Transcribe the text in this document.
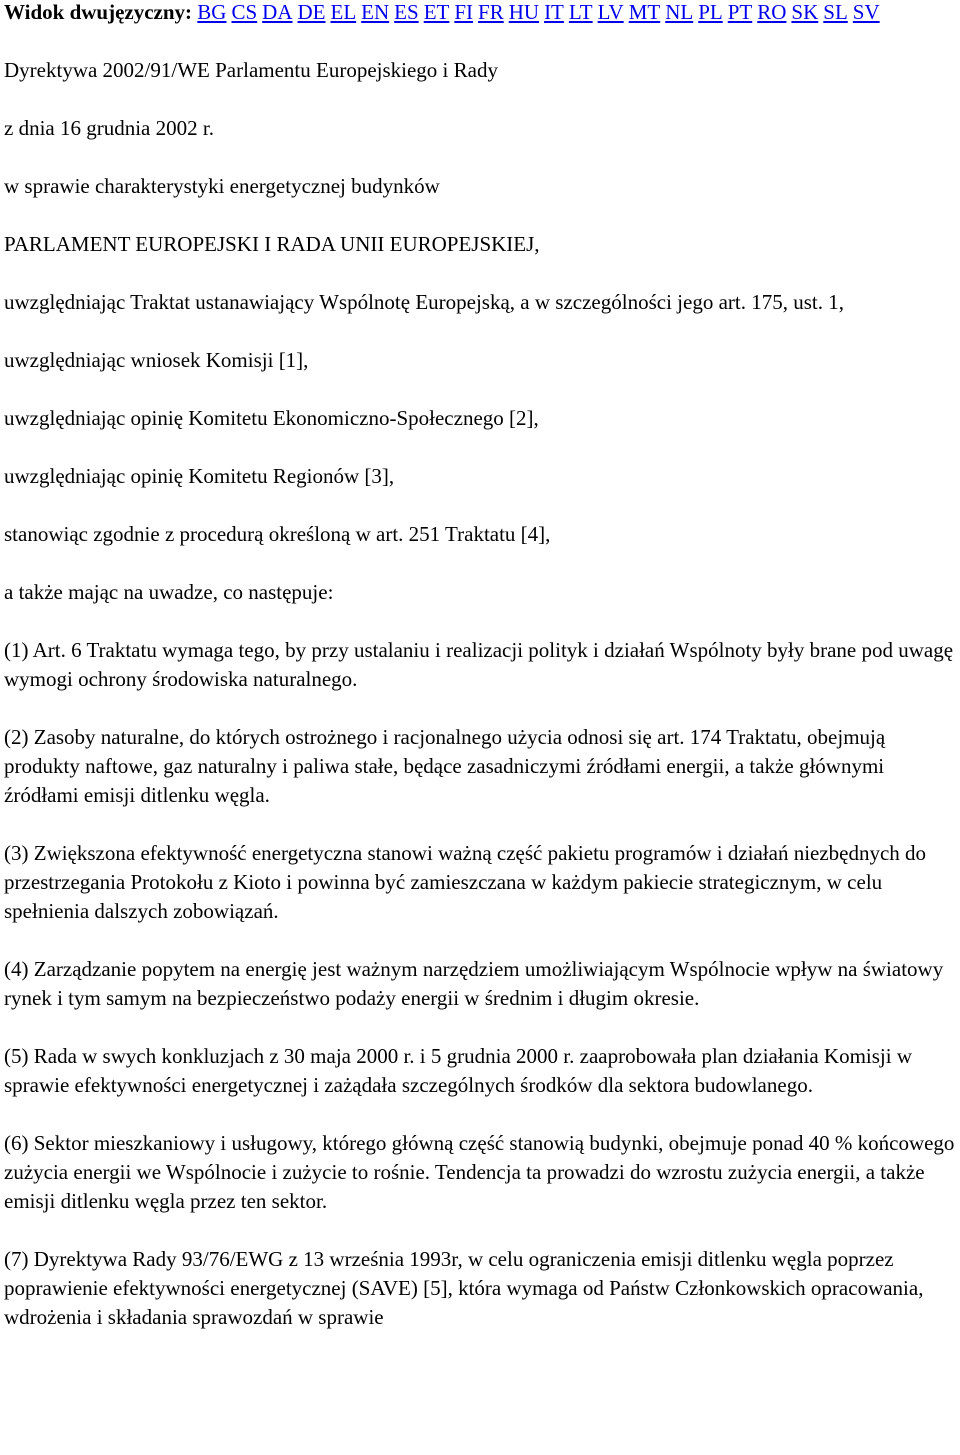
Widok dwujęzyczny: BG CS DA DE EL EN ES ET FI FR HU IT LT LV MT NL PL PT RO SK SL SV

Dyrektywa 2002/91/WE Parlamentu Europejskiego i Rady

z dnia 16 grudnia 2002 r.

w sprawie charakterystyki energetycznej budynków

PARLAMENT EUROPEJSKI I RADA UNII EUROPEJSKIEJ,

uwzględniając Traktat ustanawiający Wspólnotę Europejską, a w szczególności jego art. 175, ust. 1,

uwzględniając wniosek Komisji [1],

uwzględniając opinię Komitetu Ekonomiczno-Społecznego [2],

uwzględniając opinię Komitetu Regionów [3],

stanowiąc zgodnie z procedurą określoną w art. 251 Traktatu [4],

a także mając na uwadze, co następuje:

(1) Art. 6 Traktatu wymaga tego, by przy ustalaniu i realizacji polityk i działań Wspólnoty były brane pod uwagę wymogi ochrony środowiska naturalnego.

(2) Zasoby naturalne, do których ostrożnego i racjonalnego użycia odnosi się art. 174 Traktatu, obejmują produkty naftowe, gaz naturalny i paliwa stałe, będące zasadniczymi źródłami energii, a także głównymi źródłami emisji ditlenku węgla.

(3) Zwiększona efektywność energetyczna stanowi ważną część pakietu programów i działań niezbędnych do przestrzegania Protokołu z Kioto i powinna być zamieszczana w każdym pakiecie strategicznym, w celu spełnienia dalszych zobowiązań.

(4) Zarządzanie popytem na energię jest ważnym narzędziem umożliwiającym Wspólnocie wpływ na światowy rynek i tym samym na bezpieczeństwo podaży energii w średnim i długim okresie.

(5) Rada w swych konkluzjach z 30 maja 2000 r. i 5 grudnia 2000 r. zaaprobowała plan działania Komisji w sprawie efektywności energetycznej i zażądała szczególnych środków dla sektora budowlanego.

(6) Sektor mieszkaniowy i usługowy, którego główną część stanowią budynki, obejmuje ponad 40 % końcowego zużycia energii we Wspólnocie i zużycie to rośnie. Tendencja ta prowadzi do wzrostu zużycia energii, a także emisji ditlenku węgla przez ten sektor.

(7) Dyrektywa Rady 93/76/EWG z 13 września 1993r, w celu ograniczenia emisji ditlenku węgla poprzez poprawienie efektywności energetycznej (SAVE) [5], która wymaga od Państw Członkowskich opracowania, wdrożenia i składania sprawozdań w sprawie
